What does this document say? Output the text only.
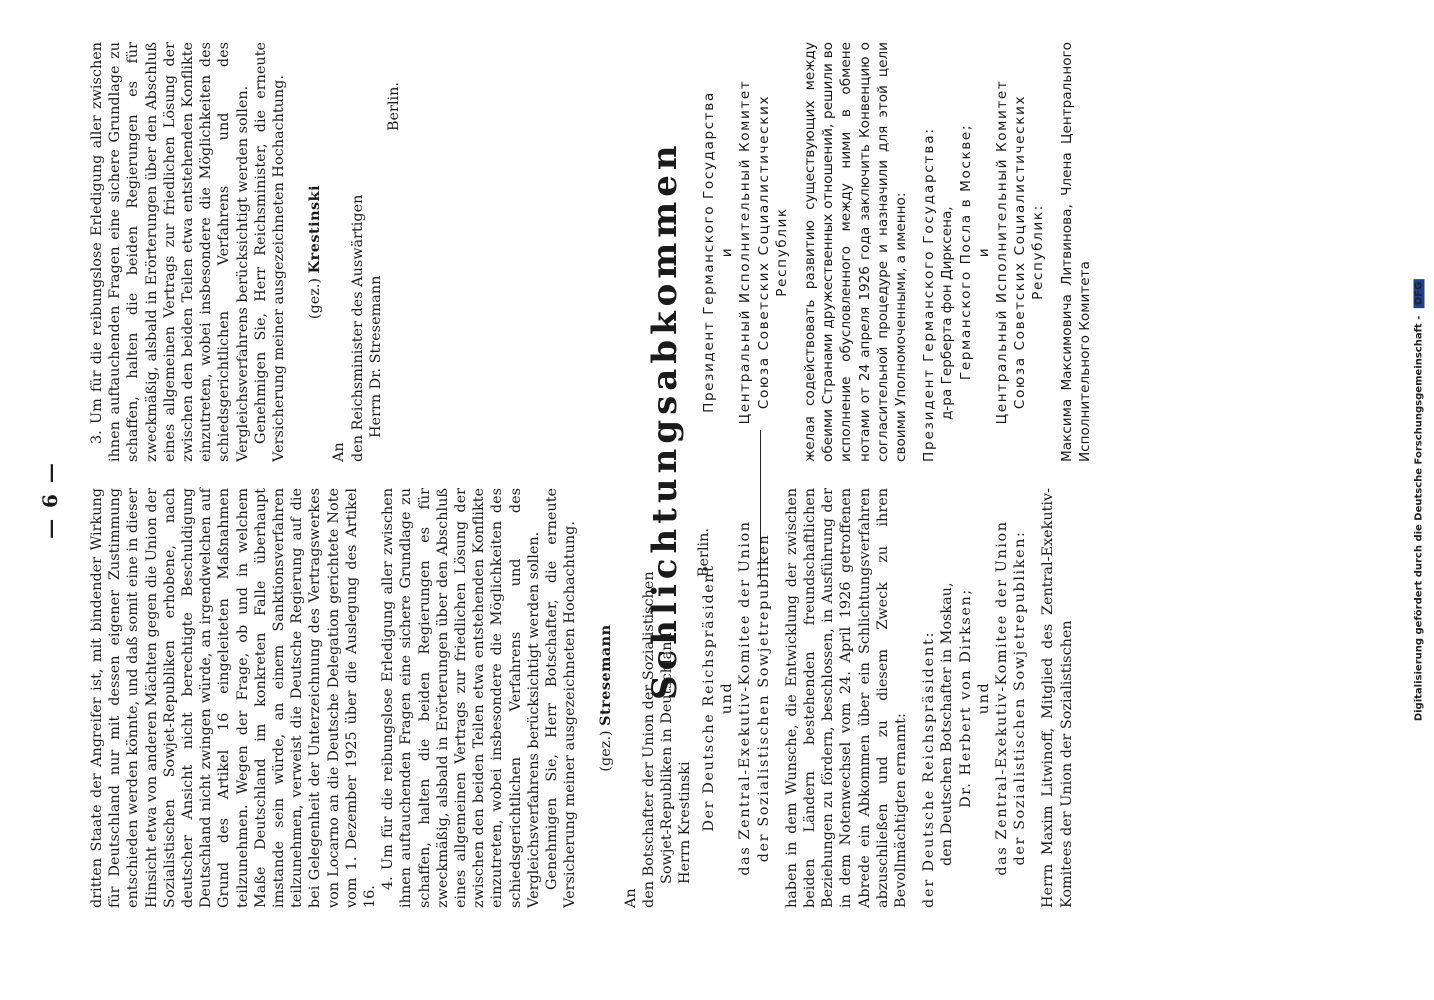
— 6 — dritten Staate der Angreifer ist, mit bindender Wirkung für Deutschland nur mit dessen eigener Zustimmung entschieden werden könnte, und daß somit eine in dieser Hinsicht etwa von anderen Mächten gegen die Union der Sozialistischen Sowjet-Republiken erhobene, nach deutscher Ansicht nicht berechtigte Beschuldigung Deutschland nicht zwingen würde, an irgendwelchen auf Grund des Artikel 16 eingeleiteten Maßnahmen teilzunehmen. Wegen der Frage, ob und in welchem Maße Deutschland im konkreten Falle überhaupt imstande sein würde, an einem Sanktionsverfahren teilzunehmen, verweist die Deutsche Regierung auf die bei Gelegenheit der Unterzeichnung des Vertragswerkes von Locarno an die Deutsche Delegation gerichtete Note vom 1. Dezember 1925 über die Auslegung des Artikel 16.

4. Um für die reibungslose Erledigung aller zwischen ihnen auftauchenden Fragen eine sichere Grundlage zu schaffen, halten die beiden Regierungen es für zweckmäßig, alsbald in Erörterungen über den Abschluß eines allgemeinen Vertrags zur friedlichen Lösung der zwischen den beiden Teilen etwa entstehenden Konflikte einzutreten, wobei insbesondere die Möglichkeiten des schiedsgerichtlichen Verfahrens und des Vergleichsverfahrens berücksichtigt werden sollen. Genehmigen Sie, Herr Botschafter, die erneute Versicherung meiner ausgezeichneten Hochachtung. (gez.) Stresemann

An den Botschafter der Union der Sozialistischen Sowjet-Republiken in Deutschland Herrn Krestinski

Berlin.

3. Um für die reibungslose Erledigung aller zwischen ihnen auftauchenden Fragen eine sichere Grundlage zu schaffen, halten die beiden Regierungen es für zweckmäßig, alsbald in Erörterungen über den Abschluß eines allgemeinen Vertrags zur friedlichen Lösung der zwischen den beiden Teilen etwa entstehenden Konflikte einzutreten, wobei insbesondere die Möglichkeiten des schiedsgerichtlichen Verfahrens und des Vergleichsverfahrens berücksichtigt werden sollen. Genehmigen Sie, Herr Reichsminister, die erneute Versicherung meiner ausgezeichneten Hochachtung. (gez.) Krestinski

An den Reichsminister des Auswärtigen Herrn Dr. Stresemann

Berlin.

Schlichtungsabkommen Der Deutsche Reichspräsident und das Zentral-Exekutiv-Komitee der Union der Sozialistischen Sowjetrepubliken haben in dem Wunsche, die Entwicklung der zwischen beiden Ländern bestehenden freundschaftlichen Beziehungen zu fördern, beschlossen, in Ausführung der in dem Notenwechsel vom 24. April 1926 getroffenen Abrede ein Abkommen über ein Schlichtungsverfahren abzuschließen und zu diesem Zweck zu ihren Bevollmächtigten ernannt: der Deutsche Reichspräsident: den Deutschen Botschafter in Moskau, Dr. Herbert von Dirksen; und das Zentral-Exekutiv-Komitee der Union der Sozialistischen Sowjetrepubliken: Herrn Maxim Litwinoff, Mitglied des Zentral-Exekutiv-Komitees der Union der Sozialistischen

Президент Германского Государства и Центральный Исполнительный Комитет Союза Советских Социалистических Республик желая содействовать развитию существующих между обеими Странами дружественных отношений, решили во исполнение обусловленного между ними в обмене нотами от 24 апреля 1926 года заключить Конвенцию о согласительной процедуре и назначили для этой цели своими Уполномоченными, а именно: Президент Германского Государства: д-ра Герберта фон Дирксена, Германского Посла в Москве; и Центральный Исполнительный Комитет Союза Советских Социалистических Республик: Максима Максимовича Литвинова, Члена Центрального Исполнительного Комитета	Digitalisierung gefördert durch die Deutsche Forschungsgemeinschaft - DFG
